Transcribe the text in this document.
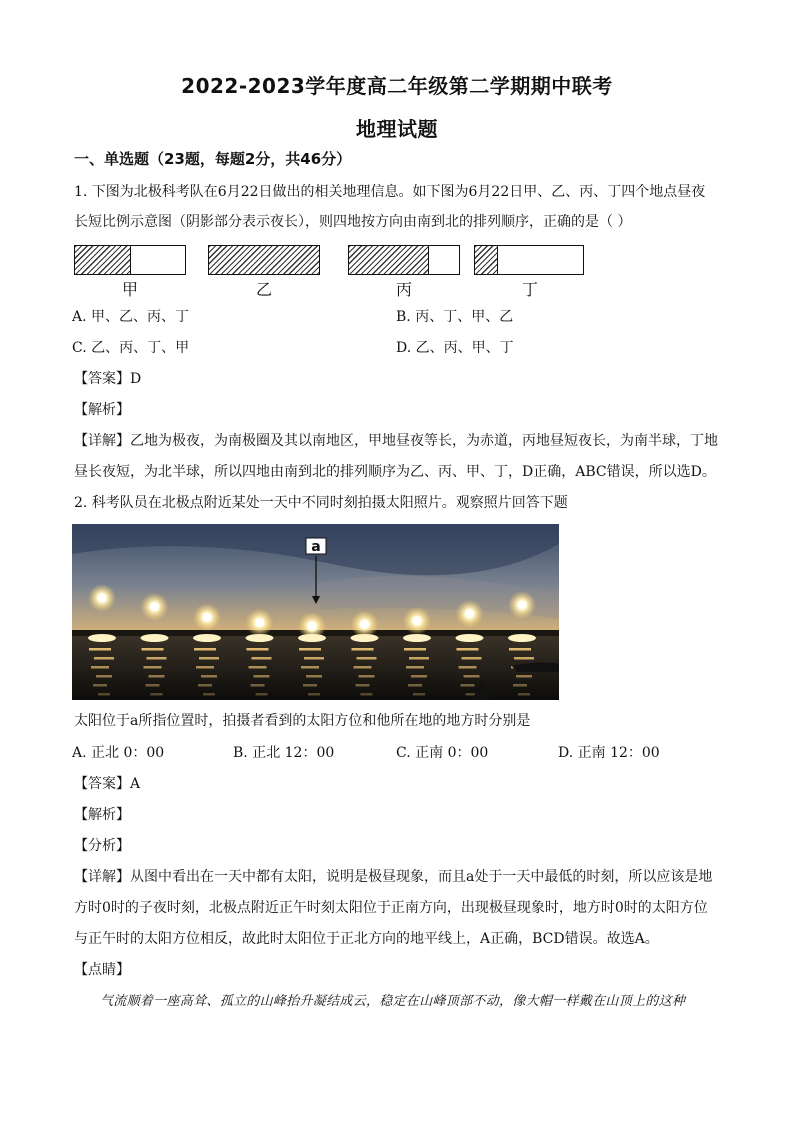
2022-2023学年度高二年级第二学期期中联考
地理试题
一、单选题（23题，每题2分，共46分）
1. 下图为北极科考队在6月22日做出的相关地理信息。如下图为6月22日甲、乙、丙、丁四个地点昼夜
长短比例示意图（阴影部分表示夜长），则四地按方向由南到北的排列顺序，正确的是（ ）
甲	乙	丙	丁
A. 甲、乙、丙、丁	B. 丙、丁、甲、乙
C. 乙、丙、丁、甲	D. 乙、丙、甲、丁
【答案】D
【解析】
【详解】乙地为极夜，为南极圈及其以南地区，甲地昼夜等长，为赤道，丙地昼短夜长，为南半球，丁地
昼长夜短，为北半球，所以四地由南到北的排列顺序为乙、丙、甲、丁，D正确，ABC错误，所以选D。
2. 科考队员在北极点附近某处一天中不同时刻拍摄太阳照片。观察照片回答下题
a
太阳位于a所指位置时，拍摄者看到的太阳方位和他所在地的地方时分别是
A. 正北 0：00	B. 正北 12：00	C. 正南 0：00	D. 正南 12：00
【答案】A
【解析】
【分析】
【详解】从图中看出在一天中都有太阳，说明是极昼现象，而且a处于一天中最低的时刻，所以应该是地
方时0时的子夜时刻，北极点附近正午时刻太阳位于正南方向，出现极昼现象时，地方时0时的太阳方位
与正午时的太阳方位相反，故此时太阳位于正北方向的地平线上，A正确，BCD错误。故选A。
【点睛】
气流顺着一座高耸、孤立的山峰抬升凝结成云，稳定在山峰顶部不动，像大帽一样戴在山顶上的这种
